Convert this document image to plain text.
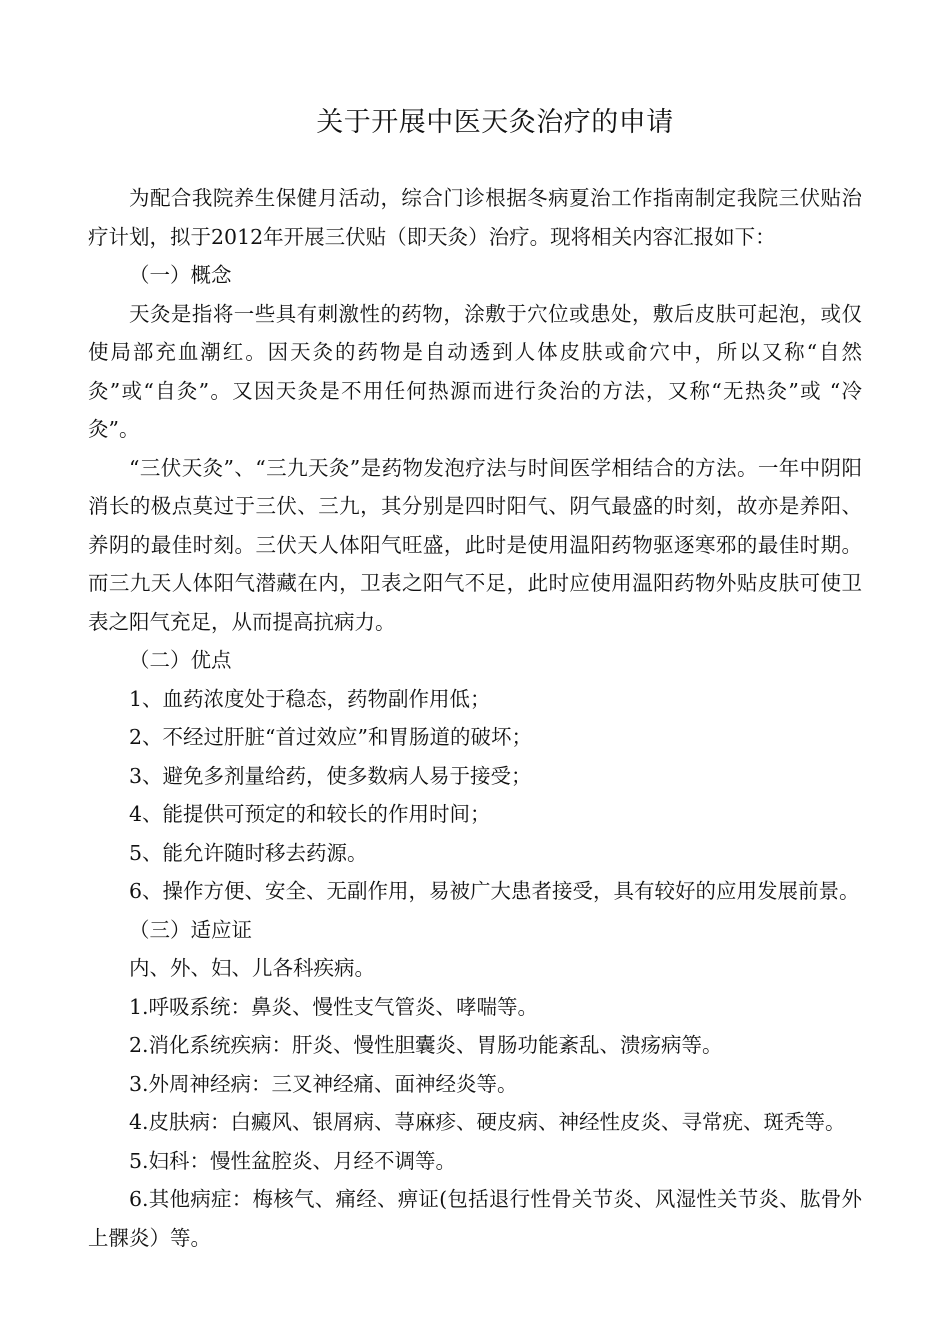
关于开展中医天灸治疗的申请

为配合我院养生保健月活动，综合门诊根据冬病夏治工作指南制定我院三伏贴治疗计划，拟于2012年开展三伏贴（即天灸）治疗。现将相关内容汇报如下：

（一）概念

天灸是指将一些具有刺激性的药物，涂敷于穴位或患处，敷后皮肤可起泡，或仅使局部充血潮红。因天灸的药物是自动透到人体皮肤或俞穴中，所以又称“自然灸”或“自灸”。又因天灸是不用任何热源而进行灸治的方法，又称“无热灸”或 “冷灸”。

“三伏天灸”、“三九天灸”是药物发泡疗法与时间医学相结合的方法。一年中阴阳消长的极点莫过于三伏、三九，其分别是四时阳气、阴气最盛的时刻，故亦是养阳、养阴的最佳时刻。三伏天人体阳气旺盛，此时是使用温阳药物驱逐寒邪的最佳时期。而三九天人体阳气潜藏在内，卫表之阳气不足，此时应使用温阳药物外贴皮肤可使卫表之阳气充足，从而提高抗病力。

（二）优点

1、血药浓度处于稳态，药物副作用低；

2、不经过肝脏“首过效应”和胃肠道的破坏；

3、避免多剂量给药，使多数病人易于接受；

4、能提供可预定的和较长的作用时间；

5、能允许随时移去药源。

6、操作方便、安全、无副作用，易被广大患者接受，具有较好的应用发展前景。

（三）适应证

内、外、妇、儿各科疾病。

1.呼吸系统：鼻炎、慢性支气管炎、哮喘等。

2.消化系统疾病：肝炎、慢性胆囊炎、胃肠功能紊乱、溃疡病等。

3.外周神经病：三叉神经痛、面神经炎等。

4.皮肤病：白癜风、银屑病、荨麻疹、硬皮病、神经性皮炎、寻常疣、斑秃等。

5.妇科：慢性盆腔炎、月经不调等。

6.其他病症：梅核气、痛经、痹证(包括退行性骨关节炎、风湿性关节炎、肱骨外上髁炎）等。
